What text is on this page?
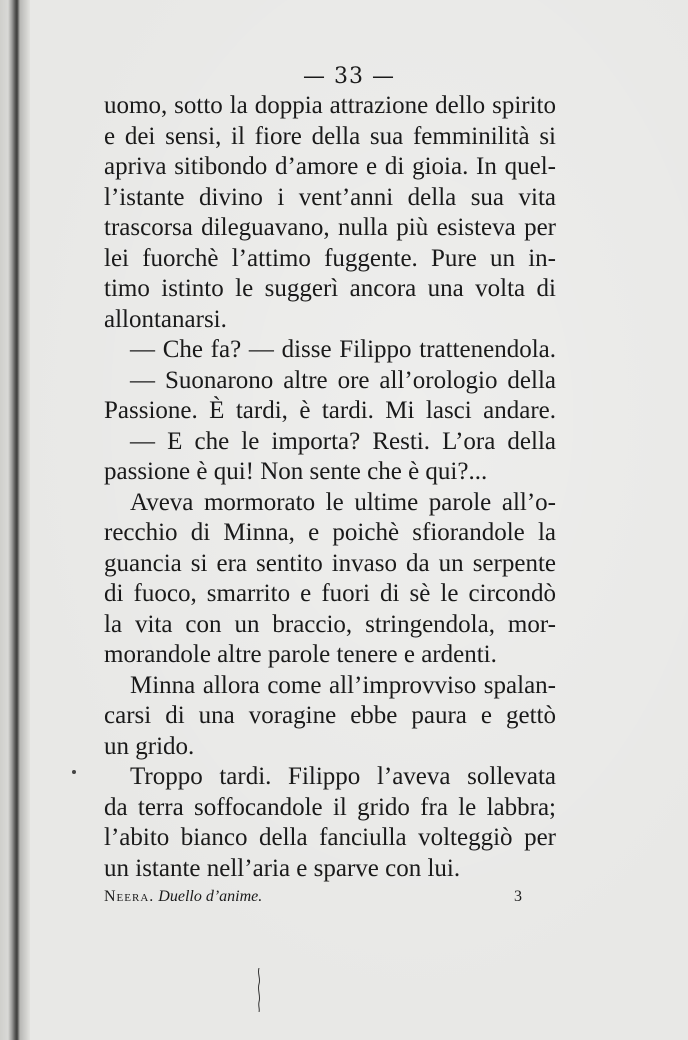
— 33 —
uomo, sotto la doppia attrazione dello spirito
e dei sensi, il fiore della sua femminilità si
apriva sitibondo d’amore e di gioia. In quel-
l’istante divino i vent’anni della sua vita
trascorsa dileguavano, nulla più esisteva per
lei fuorchè l’attimo fuggente. Pure un in-
timo istinto le suggerì ancora una volta di
allontanarsi.
— Che fa? — disse Filippo trattenendola.
— Suonarono altre ore all’orologio della
Passione. È tardi, è tardi. Mi lasci andare.
— E che le importa? Resti. L’ora della
passione è qui! Non sente che è qui?...
Aveva mormorato le ultime parole all’o-
recchio di Minna, e poichè sfiorandole la
guancia si era sentito invaso da un serpente
di fuoco, smarrito e fuori di sè le circondò
la vita con un braccio, stringendola, mor-
morandole altre parole tenere e ardenti.
Minna allora come all’improvviso spalan-
carsi di una voragine ebbe paura e gettò
un grido.
Troppo tardi. Filippo l’aveva sollevata
da terra soffocandole il grido fra le labbra;
l’abito bianco della fanciulla volteggiò per
un istante nell’aria e sparve con lui.
Neera. Duello d’anime.	3
